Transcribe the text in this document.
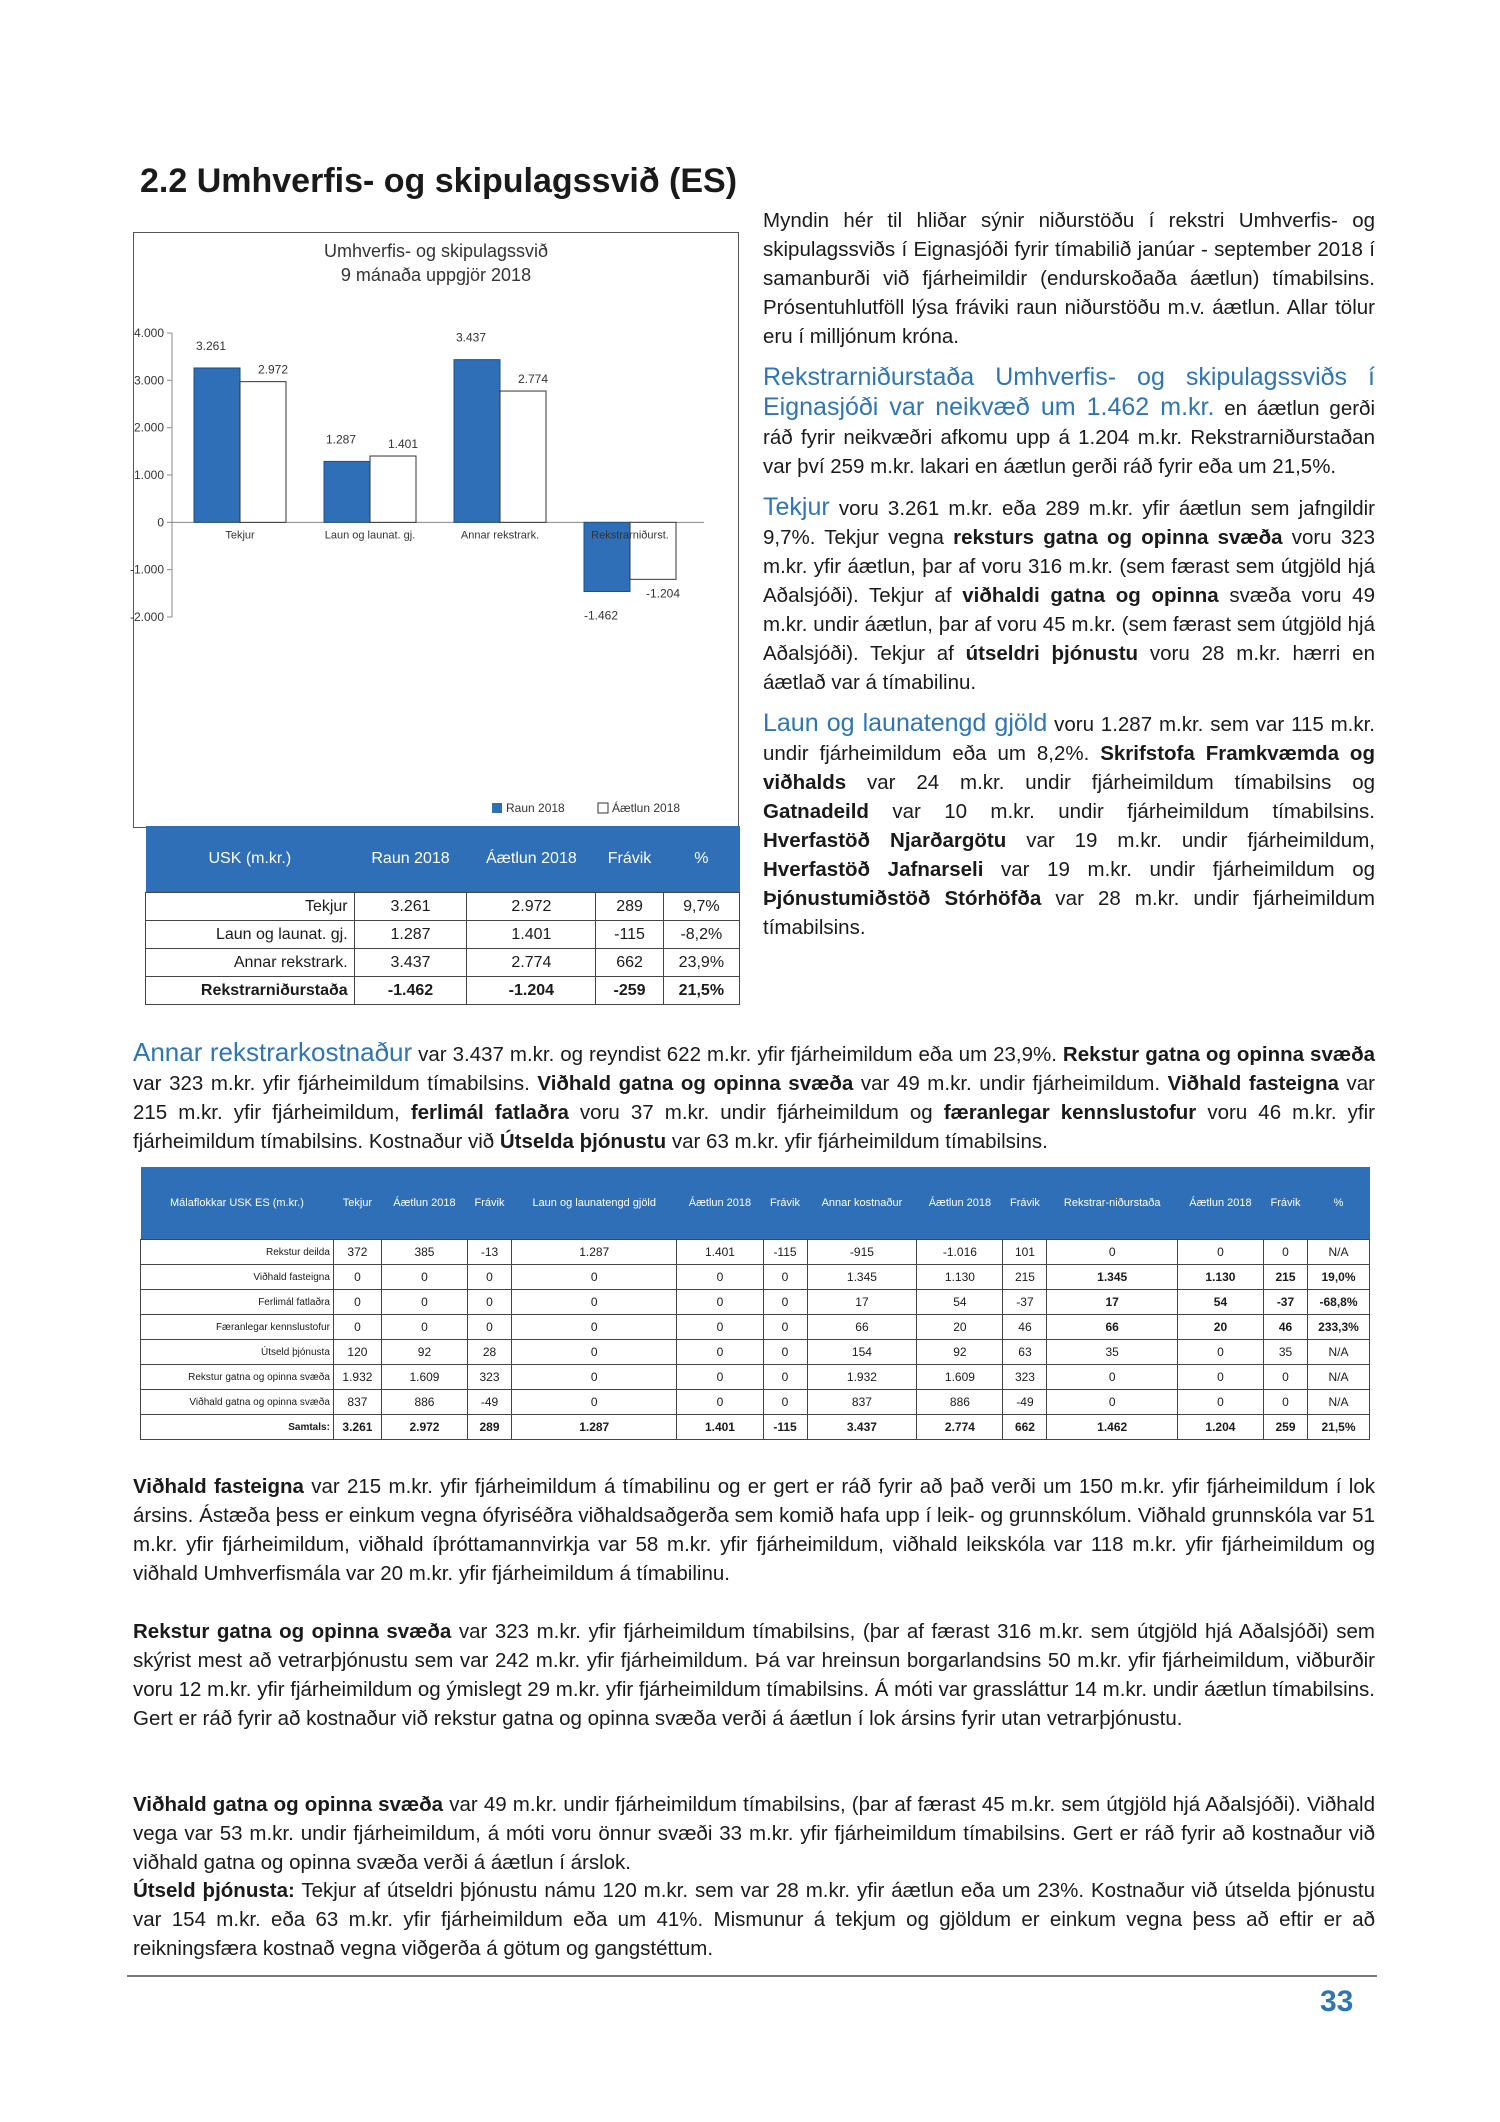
2.2 Umhverfis- og skipulagssvið (ES)
Umhverfis- og skipulagssvið
9 mánaða uppgjör 2018
4.000
3.000
2.000
1.000
0
-1.000
-2.000
3.261
2.972
Tekjur
1.287	1.401
Laun og launat. gj.
3.437
2.774
Annar rekstrark.
-1.462
-1.204
Rekstrarniðurst.
Raun 2018	Áætlun 2018

Myndin hér til hliðar sýnir niðurstöðu í rekstri Umhverfis- og skipulagssviðs í Eignasjóði fyrir tímabilið janúar - september 2018 í samanburði við fjárheimildir (endurskoðaða áætlun) tímabilsins. Prósentuhlutföll lýsa fráviki raun niðurstöðu m.v. áætlun. Allar tölur eru í milljónum króna.

Rekstrarniðurstaða Umhverfis- og skipulagssviðs í Eignasjóði var neikvæð um 1.462 m.kr. en áætlun gerði ráð fyrir neikvæðri afkomu upp á 1.204 m.kr. Rekstrarniðurstaðan var því 259 m.kr. lakari en áætlun gerði ráð fyrir eða um 21,5%.

Tekjur voru 3.261 m.kr. eða 289 m.kr. yfir áætlun sem jafngildir 9,7%. Tekjur vegna reksturs gatna og opinna svæða voru 323 m.kr. yfir áætlun, þar af voru 316 m.kr. (sem færast sem útgjöld hjá Aðalsjóði). Tekjur af viðhaldi gatna og opinna svæða voru 49 m.kr. undir áætlun, þar af voru 45 m.kr. (sem færast sem útgjöld hjá Aðalsjóði). Tekjur af útseldri þjónustu voru 28 m.kr. hærri en áætlað var á tímabilinu.

Laun og launatengd gjöld voru 1.287 m.kr. sem var 115 m.kr. undir fjárheimildum eða um 8,2%. Skrifstofa Framkvæmda og viðhalds var 24 m.kr. undir fjárheimildum tímabilsins og Gatnadeild var 10 m.kr. undir fjárheimildum tímabilsins. Hverfastöð Njarðargötu var 19 m.kr. undir fjárheimildum, Hverfastöð Jafnarseli var 19 m.kr. undir fjárheimildum og Þjónustumiðstöð Stórhöfða var 28 m.kr. undir fjárheimildum tímabilsins.

USK (m.kr.)	Raun 2018	Áætlun 2018	Frávik	%
Tekjur	3.261	2.972	289	9,7%
Laun og launat. gj.	1.287	1.401	-115	-8,2%
Annar rekstrark.	3.437	2.774	662	23,9%
Rekstrarniðurstaða	-1.462	-1.204	-259	21,5%

Annar rekstrarkostnaður var 3.437 m.kr. og reyndist 622 m.kr. yfir fjárheimildum eða um 23,9%. Rekstur gatna og opinna svæða var 323 m.kr. yfir fjárheimildum tímabilsins. Viðhald gatna og opinna svæða var 49 m.kr. undir fjárheimildum. Viðhald fasteigna var 215 m.kr. yfir fjárheimildum, ferlimál fatlaðra voru 37 m.kr. undir fjárheimildum og færanlegar kennslustofur voru 46 m.kr. yfir fjárheimildum tímabilsins. Kostnaður við Útselda þjónustu var 63 m.kr. yfir fjárheimildum tímabilsins.

Málaflokkar USK ES (m.kr.)	Tekjur	Áætlun 2018	Frávik	Laun og launatengd gjöld	Áætlun 2018	Frávik	Annar kostnaður	Áætlun 2018	Frávik	Rekstrar-niðurstaða	Áætlun 2018	Frávik	%
Rekstur deilda	372	385	-13	1.287	1.401	-115	-915	-1.016	101	0	0	0	N/A
Viðhald fasteigna	0	0	0	0	0	0	1.345	1.130	215	1.345	1.130	215	19,0%
Ferlimál fatlaðra	0	0	0	0	0	0	17	54	-37	17	54	-37	-68,8%
Færanlegar kennslustofur	0	0	0	0	0	0	66	20	46	66	20	46	233,3%
Útseld þjónusta	120	92	28	0	0	0	154	92	63	35	0	35	N/A
Rekstur gatna og opinna svæða	1.932	1.609	323	0	0	0	1.932	1.609	323	0	0	0	N/A
Viðhald gatna og opinna svæða	837	886	-49	0	0	0	837	886	-49	0	0	0	N/A
Samtals:	3.261	2.972	289	1.287	1.401	-115	3.437	2.774	662	1.462	1.204	259	21,5%

Viðhald fasteigna var 215 m.kr. yfir fjárheimildum á tímabilinu og er gert er ráð fyrir að það verði um 150 m.kr. yfir fjárheimildum í lok ársins. Ástæða þess er einkum vegna ófyriséðra viðhaldsaðgerða sem komið hafa upp í leik- og grunnskólum. Viðhald grunnskóla var 51 m.kr. yfir fjárheimildum, viðhald íþróttamannvirkja var 58 m.kr. yfir fjárheimildum, viðhald leikskóla var 118 m.kr. yfir fjárheimildum og viðhald Umhverfismála var 20 m.kr. yfir fjárheimildum á tímabilinu.

Rekstur gatna og opinna svæða var 323 m.kr. yfir fjárheimildum tímabilsins, (þar af færast 316 m.kr. sem útgjöld hjá Aðalsjóði) sem skýrist mest að vetrarþjónustu sem var 242 m.kr. yfir fjárheimildum. Þá var hreinsun borgarlandsins 50 m.kr. yfir fjárheimildum, viðburðir voru 12 m.kr. yfir fjárheimildum og ýmislegt 29 m.kr. yfir fjárheimildum tímabilsins. Á móti var grassláttur 14 m.kr. undir áætlun tímabilsins. Gert er ráð fyrir að kostnaður við rekstur gatna og opinna svæða verði á áætlun í lok ársins fyrir utan vetrarþjónustu.

Viðhald gatna og opinna svæða var 49 m.kr. undir fjárheimildum tímabilsins, (þar af færast 45 m.kr. sem útgjöld hjá Aðalsjóði). Viðhald vega var 53 m.kr. undir fjárheimildum, á móti voru önnur svæði 33 m.kr. yfir fjárheimildum tímabilsins. Gert er ráð fyrir að kostnaður við viðhald gatna og opinna svæða verði á áætlun í árslok.

Útseld þjónusta: Tekjur af útseldri þjónustu námu 120 m.kr. sem var 28 m.kr. yfir áætlun eða um 23%. Kostnaður við útselda þjónustu var 154 m.kr. eða 63 m.kr. yfir fjárheimildum eða um 41%. Mismunur á tekjum og gjöldum er einkum vegna þess að eftir er að reikningsfæra kostnað vegna viðgerða á götum og gangstéttum.

33
